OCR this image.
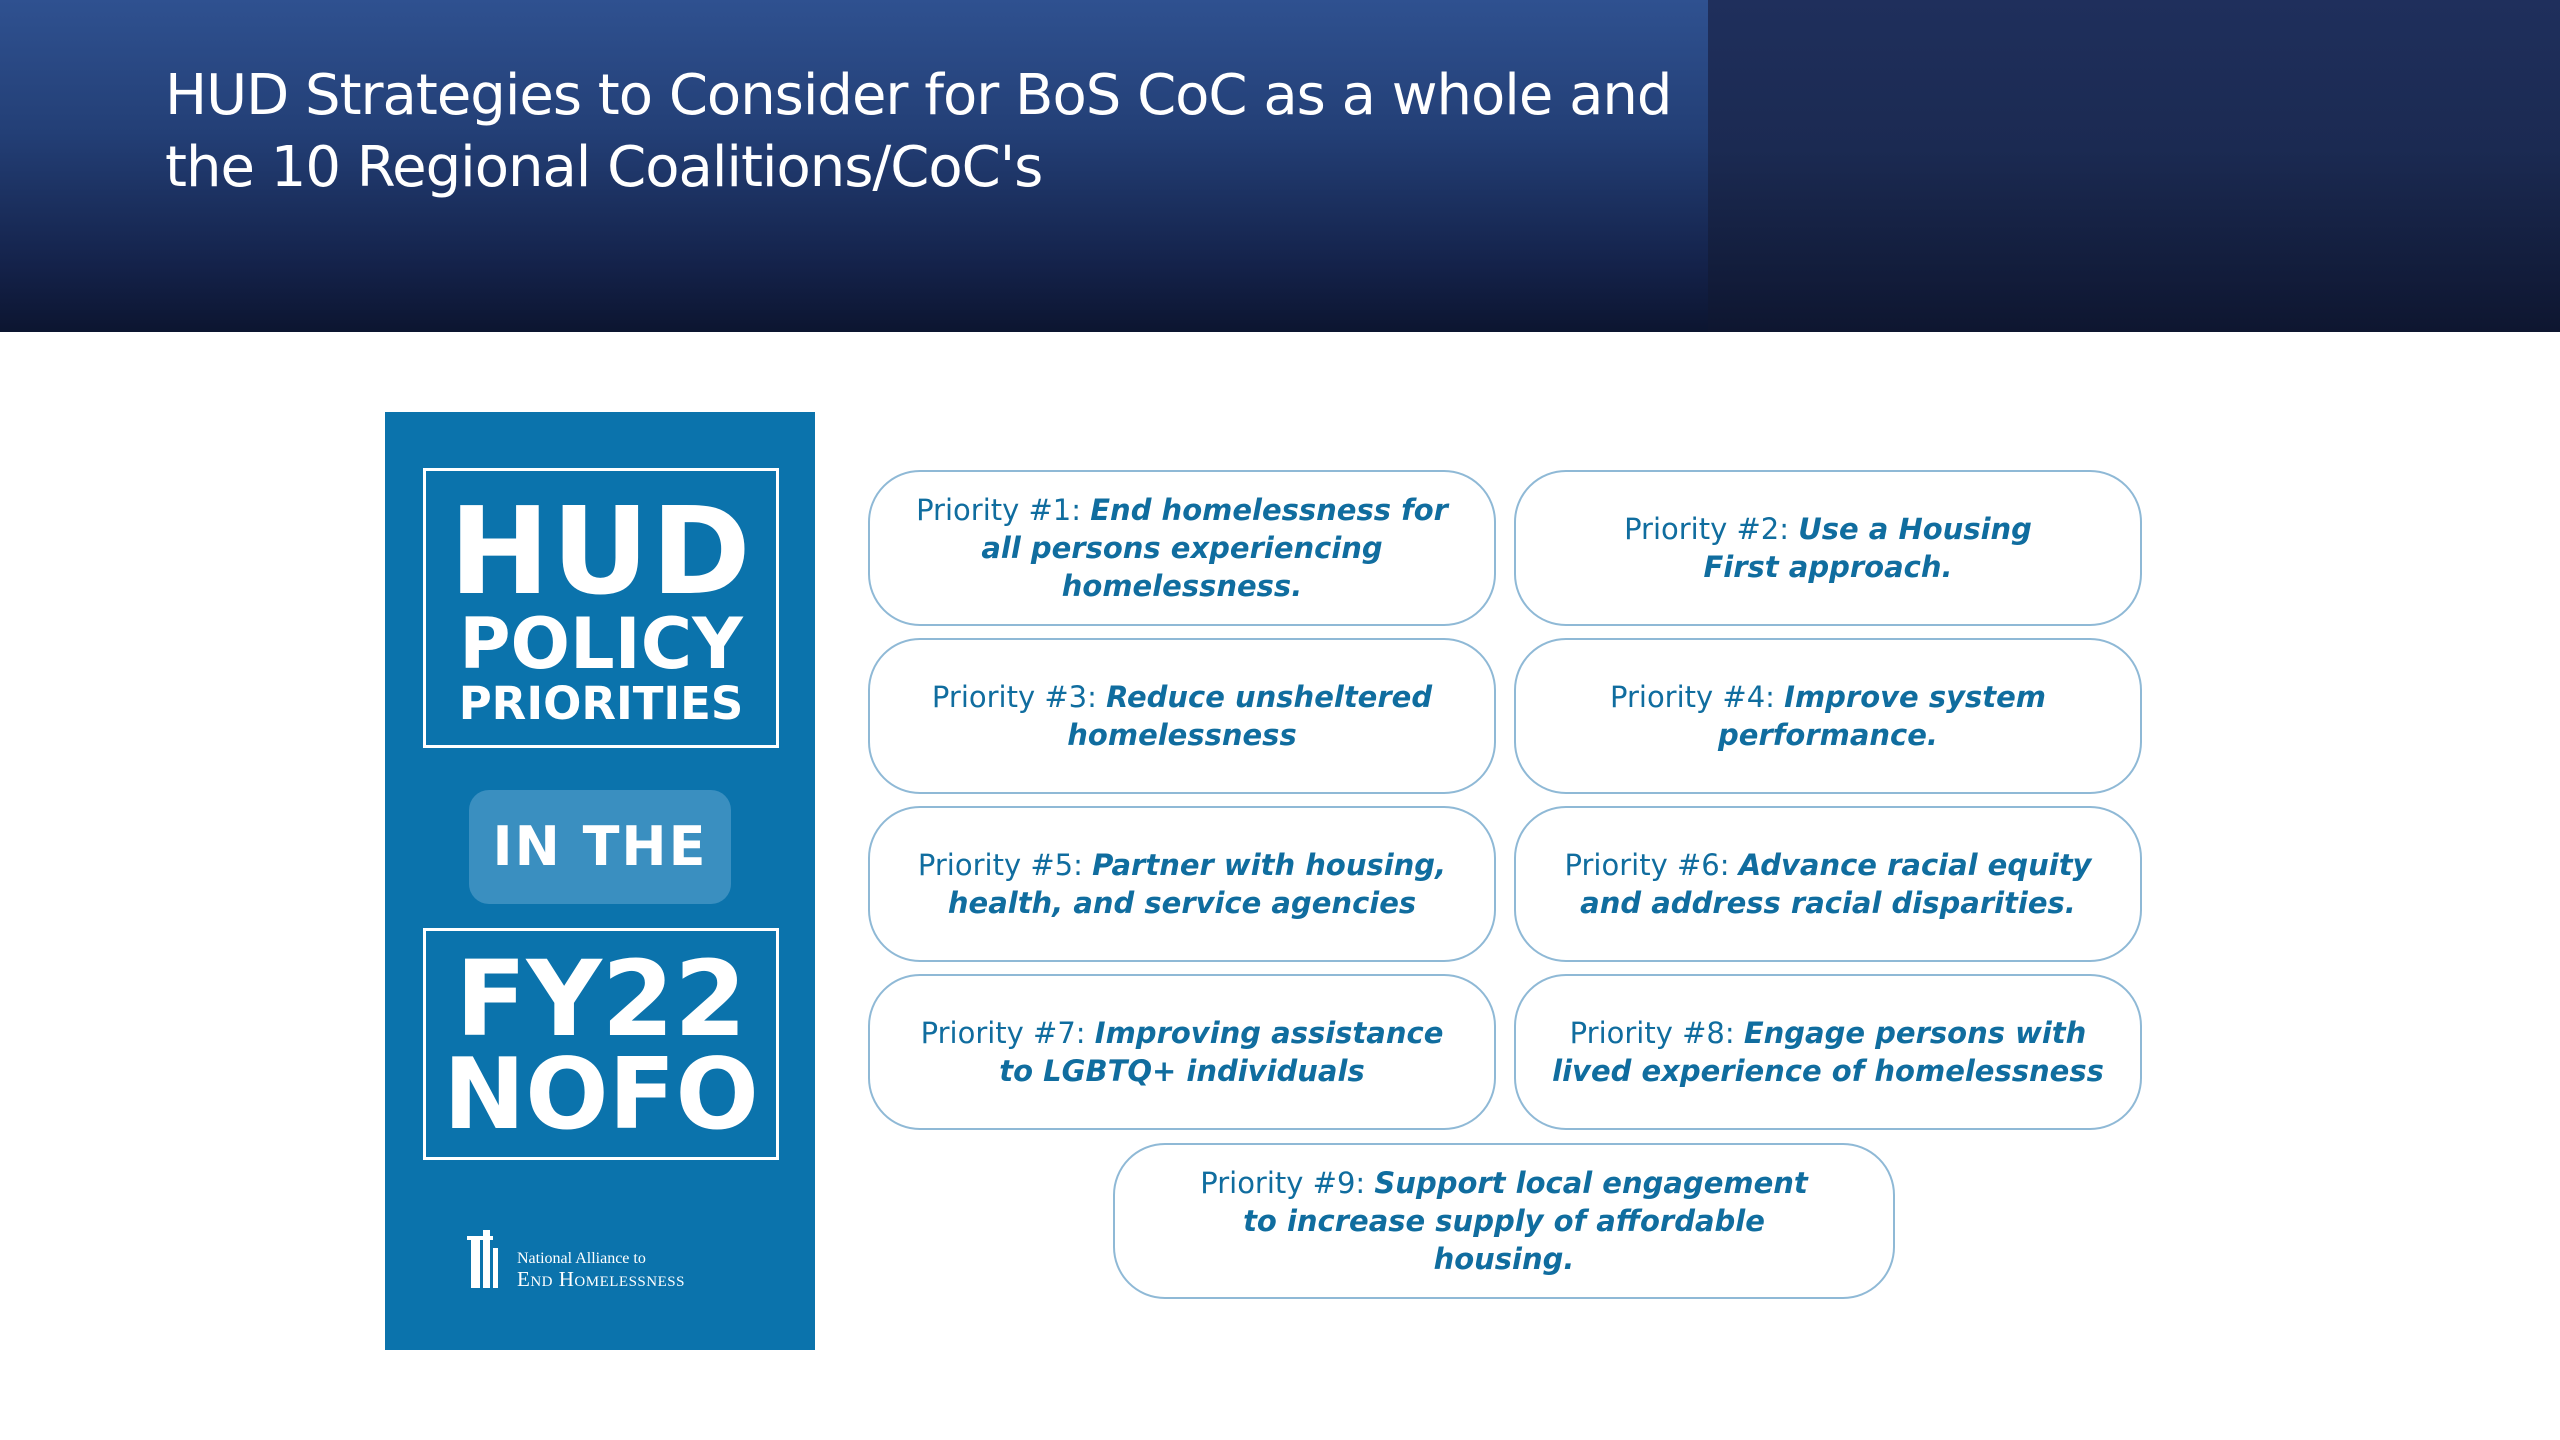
HUD Strategies to Consider for BoS CoC as a whole and
the 10 Regional Coalitions/CoC's
HUD
POLICY
PRIORITIES
IN THE
FY22
NOFO
National Alliance to
End Homelessness
Priority #1: End homelessness for all persons experiencing homelessness.
Priority #2: Use a Housing First approach.
Priority #3: Reduce unsheltered homelessness
Priority #4: Improve system performance.
Priority #5: Partner with housing, health, and service agencies
Priority #6: Advance racial equity and address racial disparities.
Priority #7: Improving assistance to LGBTQ+ individuals
Priority #8: Engage persons with lived experience of homelessness
Priority #9: Support local engagement to increase supply of affordable housing.
